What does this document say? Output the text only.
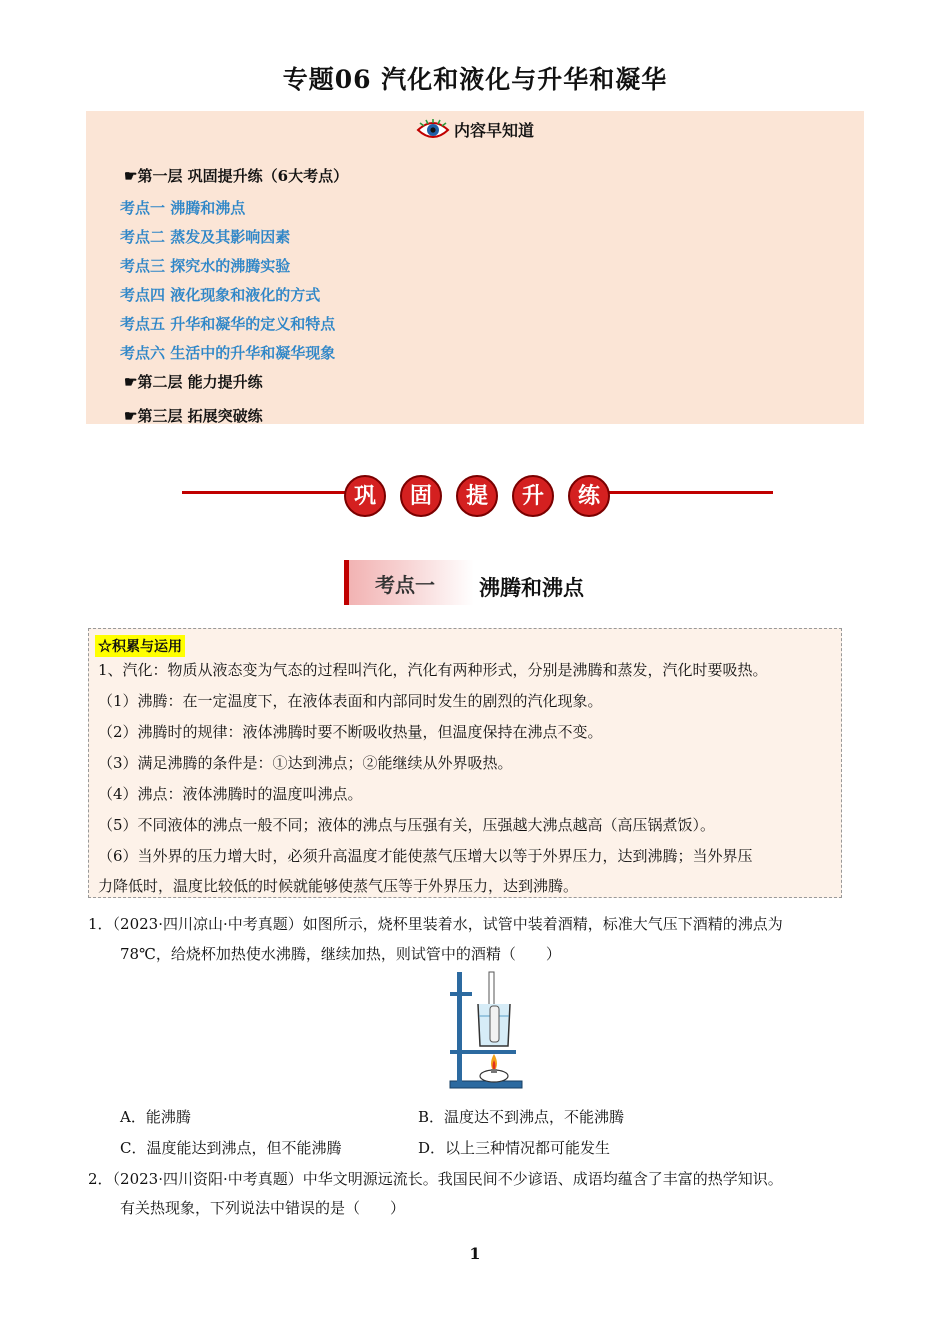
专题06 汽化和液化与升华和凝华
内容早知道
☛第一层 巩固提升练（6大考点）
考点一 沸腾和沸点
考点二 蒸发及其影响因素
考点三 探究水的沸腾实验
考点四 液化现象和液化的方式
考点五 升华和凝华的定义和特点
考点六 生活中的升华和凝华现象
☛第二层 能力提升练
☛第三层 拓展突破练
巩	固	提	升	练
考点一 沸腾和沸点
☆积累与运用
1、汽化：物质从液态变为气态的过程叫汽化，汽化有两种形式，分别是沸腾和蒸发，汽化时要吸热。
（1）沸腾：在一定温度下，在液体表面和内部同时发生的剧烈的汽化现象。
（2）沸腾时的规律：液体沸腾时要不断吸收热量，但温度保持在沸点不变。
（3）满足沸腾的条件是：①达到沸点；②能继续从外界吸热。
（4）沸点：液体沸腾时的温度叫沸点。
（5）不同液体的沸点一般不同；液体的沸点与压强有关，压强越大沸点越高（高压锅煮饭）。
（6）当外界的压力增大时，必须升高温度才能使蒸气压增大以等于外界压力，达到沸腾；当外界压
力降低时，温度比较低的时候就能够使蒸气压等于外界压力，达到沸腾。
1．（2023·四川凉山·中考真题）如图所示，烧杯里装着水，试管中装着酒精，标准大气压下酒精的沸点为
78℃，给烧杯加热使水沸腾，继续加热，则试管中的酒精（　　）
A．能沸腾	B．温度达不到沸点，不能沸腾
C．温度能达到沸点，但不能沸腾	D．以上三种情况都可能发生
2．（2023·四川资阳·中考真题）中华文明源远流长。我国民间不少谚语、成语均蕴含了丰富的热学知识。
有关热现象，下列说法中错误的是（　　）
1
